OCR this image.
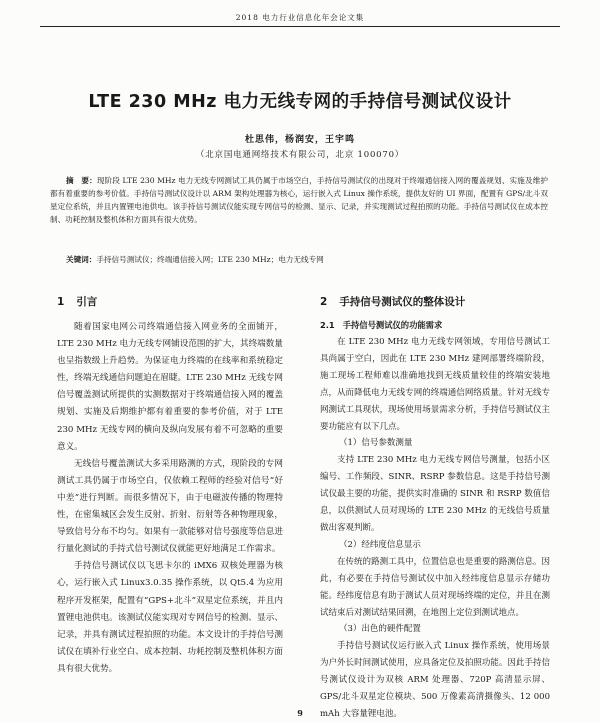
2018 电力行业信息化年会论文集
LTE 230 MHz 电力无线专网的手持信号测试仪设计
杜思伟，杨润安，王宇鸣
（北京国电通网络技术有限公司，北京 100070）
摘　要：现阶段 LTE 230 MHz 电力无线专网测试工具仍属于市场空白，手持信号测试仪的出现对于终端通信接入网的覆盖规划、实施及维护都有着重要的参考价值。手持信号测试仪设计以 ARM 架构处理器为核心，运行嵌入式 Linux 操作系统，提供友好的 UI 界面，配置有 GPS/北斗双星定位系统，并且内置锂电池供电。该手持信号测试仪能实现专网信号的检测、显示、记录，并实现测试过程拍照的功能。手持信号测试仪在成本控制、功耗控制及整机体积方面具有很大优势。
关键词：手持信号测试仪；终端通信接入网；LTE 230 MHz；电力无线专网
1 引言

随着国家电网公司终端通信接入网业务的全面铺开，LTE 230 MHz 电力无线专网铺设范围的扩大，其终端数量也呈指数级上升趋势。为保证电力终端的在线率和系统稳定性，终端无线通信问题迫在眉睫。LTE 230 MHz 无线专网信号覆盖测试所提供的实测数据对于终端通信接入网的覆盖规划、实施及后期维护都有着重要的参考价值，对于 LTE 230 MHz 无线专网的横向及纵向发展有着不可忽略的重要意义。

无线信号覆盖测试大多采用路测的方式，现阶段的专网测试工具仍属于市场空白，仅依赖工程师的经验对信号“好中差”进行判断。而很多情况下，由于电磁波传播的物理特性，在密集城区会发生反射、折射、衍射等各种物理现象，导致信号分布不均匀。如果有一款能够对信号强度等信息进行量化测试的手持式信号测试仪就能更好地满足工作需求。

手持信号测试仪以飞思卡尔的 iMX6 双核处理器为核心，运行嵌入式 Linux3.0.35 操作系统，以 Qt5.4 为应用程序开发框架，配置有“GPS+北斗”双星定位系统，并且内置锂电池供电。该测试仪能实现对专网信号的检测、显示、记录，并具有测试过程拍照的功能。本文设计的手持信号测试仪在填补行业空白、成本控制、功耗控制及整机体积方面具有很大优势。

2 手持信号测试仪的整体设计
2.1 手持信号测试仪的功能需求

在 LTE 230 MHz 电力无线专网领域，专用信号测试工具尚属于空白，因此在 LTE 230 MHz 建网部署终端阶段，施工现场工程师难以准确地找到无线质量较佳的终端安装地点，从而降低电力无线专网的终端通信网络质量。针对无线专网测试工具现状，现场使用场景需求分析，手持信号测试仪主要功能应有以下几点。

（1）信号参数测量

支持 LTE 230 MHz 电力无线专网信号测量，包括小区编号、工作频段、SINR、RSRP 参数信息。这是手持信号测试仪最主要的功能，提供实时准确的 SINR 和 RSRP 数值信息，以供测试人员对现场的 LTE 230 MHz 的无线信号质量做出客观判断。

（2）经纬度信息显示

在传统的路测工具中，位置信息也是重要的路测信息。因此，有必要在手持信号测试仪中加入经纬度信息显示存储功能。经纬度信息有助于测试人员对现场终端的定位，并且在测试结束后对测试结果回溯，在地图上定位到测试地点。

（3）出色的硬件配置

手持信号测试仪运行嵌入式 Linux 操作系统，使用场景为户外长时间测试使用，应具备定位及拍照功能。因此手持信号测试仪设计为双核 ARM 处理器、720P 高清显示屏、GPS/北斗双星定位模块、500 万像素高清摄像头、12 000 mAh 大容量锂电池。

9
